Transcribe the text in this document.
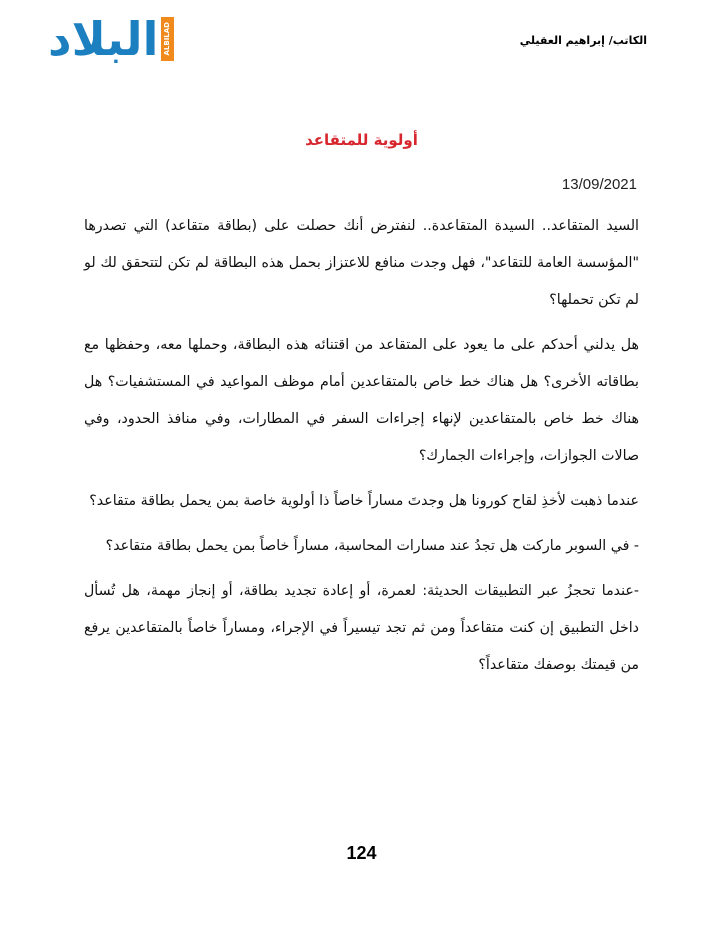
البلاد ALBILAD	الكاتب/ إبراهيم العقيلي
أولوية للمتقاعد
13/09/2021

السيد المتقاعد.. السيدة المتقاعدة.. لنفترض أنك حصلت على (بطاقة متقاعد) التي تصدرها "المؤسسة العامة للتقاعد"، فهل وجدت منافع للاعتزاز بحمل هذه البطاقة لم تكن لتتحقق لك لو لم تكن تحملها؟

هل يدلني أحدكم على ما يعود على المتقاعد من اقتنائه هذه البطاقة، وحملها معه، وحفظها مع بطاقاته الأخرى؟ هل هناك خط خاص بالمتقاعدين أمام موظف المواعيد في المستشفيات؟ هل هناك خط خاص بالمتقاعدين لإنهاء إجراءات السفر في المطارات، وفي منافذ الحدود، وفي صالات الجوازات، وإجراءات الجمارك؟

عندما ذهبت لأخذِ لقاح كورونا هل وجدتَ مساراً خاصاً ذا أولوية خاصة بمن يحمل بطاقة متقاعد؟

- في السوبر ماركت هل تجدُ عند مسارات المحاسبة، مساراً خاصاً بمن يحمل بطاقة متقاعد؟

-عندما تحجزُ عبر التطبيقات الحديثة: لعمرة، أو إعادة تجديد بطاقة، أو إنجاز مهمة، هل تُسأل داخل التطبيق إن كنت متقاعداً ومن ثم تجد تيسيراً في الإجراء، ومساراً خاصاً بالمتقاعدين يرفع من قيمتك بوصفك متقاعداً؟

124
